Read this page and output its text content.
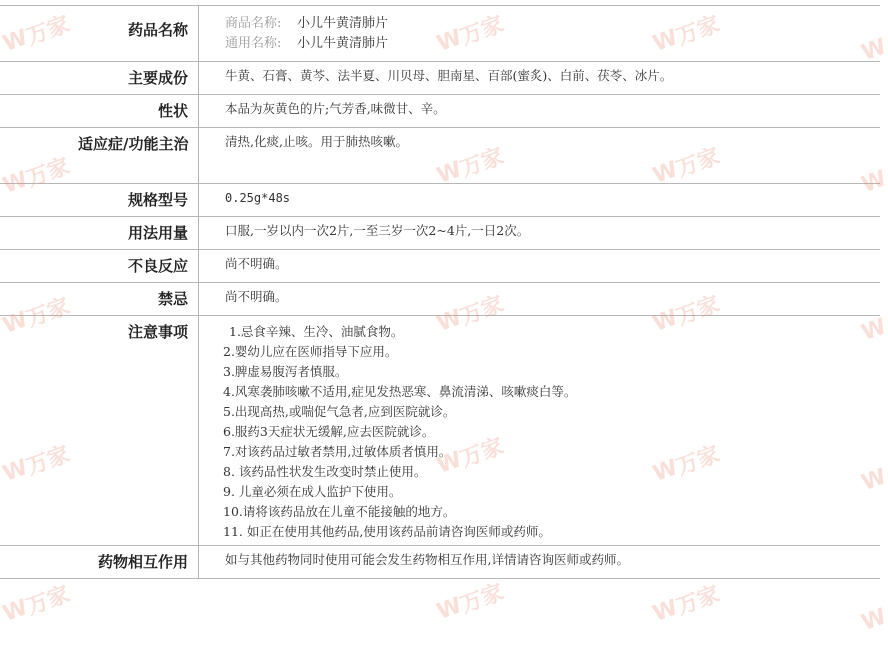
药品名称	商品名称:	小儿牛黄清肺片
通用名称:	小儿牛黄清肺片
主要成份	牛黄、石膏、黄芩、法半夏、川贝母、胆南星、百部(蜜炙)、白前、茯苓、冰片。
性状	本品为灰黄色的片;气芳香,味微甘、辛。
适应症/功能主治	清热,化痰,止咳。用于肺热咳嗽。
规格型号	0.25g*48s
用法用量	口服,一岁以内一次2片,一至三岁一次2~4片,一日2次。
不良反应	尚不明确。
禁忌	尚不明确。
注意事项	1.忌食辛辣、生冷、油腻食物。
2.婴幼儿应在医师指导下应用。
3.脾虚易腹泻者慎服。
4.风寒袭肺咳嗽不适用,症见发热恶寒、鼻流清涕、咳嗽痰白等。
5.出现高热,或喘促气急者,应到医院就诊。
6.服药3天症状无缓解,应去医院就诊。
7.对该药品过敏者禁用,过敏体质者慎用。
8. 该药品性状发生改变时禁止使用。
9. 儿童必须在成人监护下使用。
10.请将该药品放在儿童不能接触的地方。
11. 如正在使用其他药品,使用该药品前请咨询医师或药师。
药物相互作用	如与其他药物同时使用可能会发生药物相互作用,详情请咨询医师或药师。
W
万家	W
万家	W
万家	W
W
万家	W
万家	W
万家	W
W
万家	W
万家	W
万家	W
W
万家	W
万家	W
万家	W
W
万家	W
万家	W
万家	W
